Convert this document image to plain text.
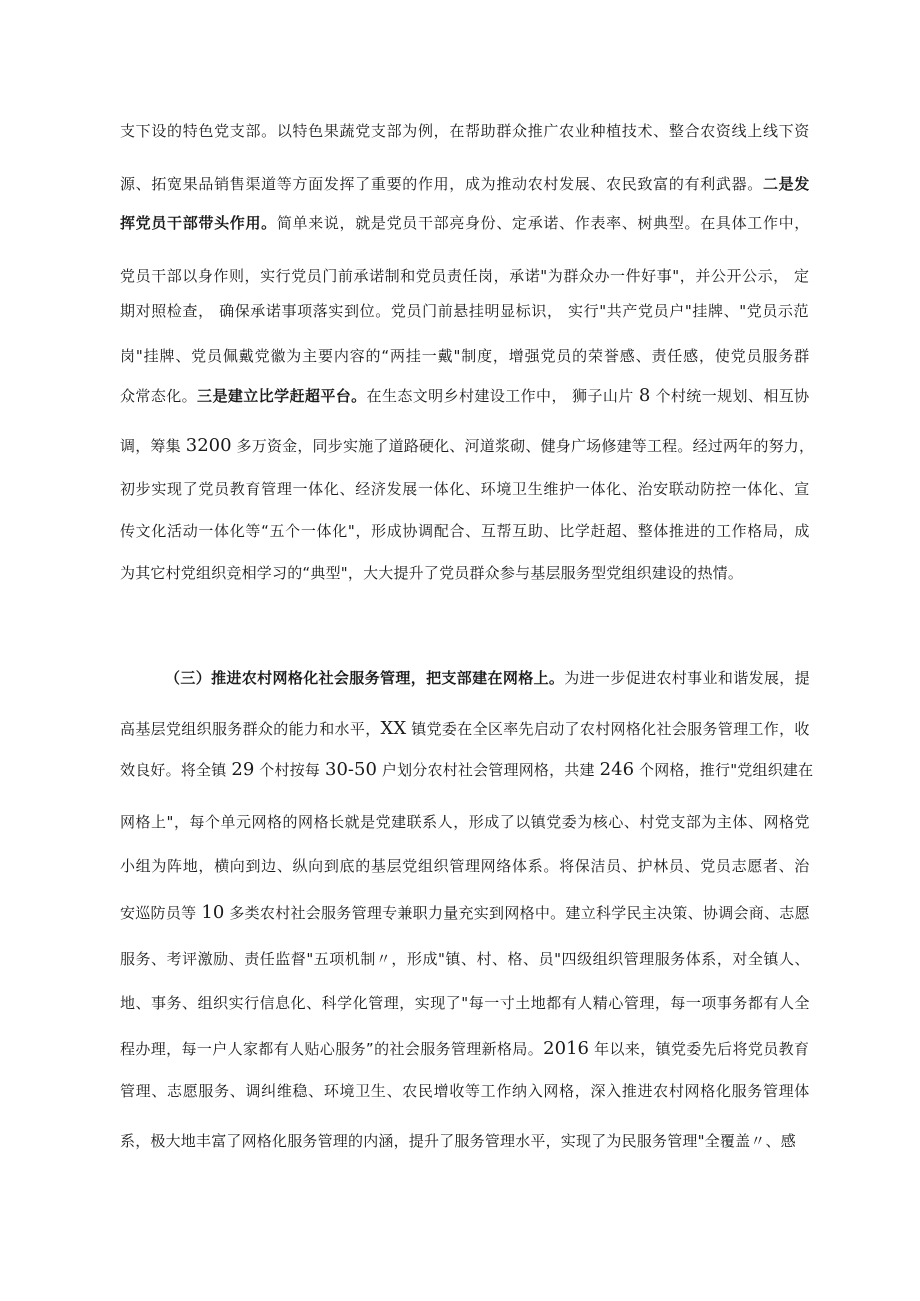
支下设的特色党支部。以特色果蔬党支部为例，在帮助群众推广农业种植技术、整合农资线上线下资
源、拓宽果品销售渠道等方面发挥了重要的作用，成为推动农村发展、农民致富的有利武器。二是发
挥党员干部带头作用。简单来说，就是党员干部亮身份、定承诺、作表率、树典型。在具体工作中，
党员干部以身作则，实行党员门前承诺制和党员责任岗，承诺"为群众办一件好事"，并公开公示， 定
期对照检查， 确保承诺事项落实到位。党员门前悬挂明显标识， 实行"共产党员户"挂牌、"党员示范
岗"挂牌、党员佩戴党徽为主要内容的“两挂一戴"制度，增强党员的荣誉感、责任感，使党员服务群
众常态化。三是建立比学赶超平台。在生态文明乡村建设工作中， 狮子山片 8 个村统一规划、相互协
调，筹集 3200 多万资金，同步实施了道路硬化、河道浆砌、健身广场修建等工程。经过两年的努力，
初步实现了党员教育管理一体化、经济发展一体化、环境卫生维护一体化、治安联动防控一体化、宣
传文化活动一体化等“五个一体化"，形成协调配合、互帮互助、比学赶超、整体推进的工作格局，成
为其它村党组织竞相学习的“典型"，大大提升了党员群众参与基层服务型党组织建设的热情。
（三）推进农村网格化社会服务管理，把支部建在网格上。为进一步促进农村事业和谐发展，提
高基层党组织服务群众的能力和水平，XX 镇党委在全区率先启动了农村网格化社会服务管理工作，收
效良好。将全镇 29 个村按每 30-50 户划分农村社会管理网格，共建 246 个网格，推行"党组织建在
网格上"，每个单元网格的网格长就是党建联系人，形成了以镇党委为核心、村党支部为主体、网格党
小组为阵地，横向到边、纵向到底的基层党组织管理网络体系。将保洁员、护林员、党员志愿者、治
安巡防员等 10 多类农村社会服务管理专兼职力量充实到网格中。建立科学民主决策、协调会商、志愿
服务、考评激励、责任监督"五项机制〃，形成"镇、村、格、员"四级组织管理服务体系，对全镇人、
地、事务、组织实行信息化、科学化管理，实现了"每一寸土地都有人精心管理，每一项事务都有人全
程办理，每一户人家都有人贴心服务”的社会服务管理新格局。2016 年以来，镇党委先后将党员教育
管理、志愿服务、调纠维稳、环境卫生、农民增收等工作纳入网格，深入推进农村网格化服务管理体
系，极大地丰富了网格化服务管理的内涵，提升了服务管理水平，实现了为民服务管理"全覆盖〃、感
